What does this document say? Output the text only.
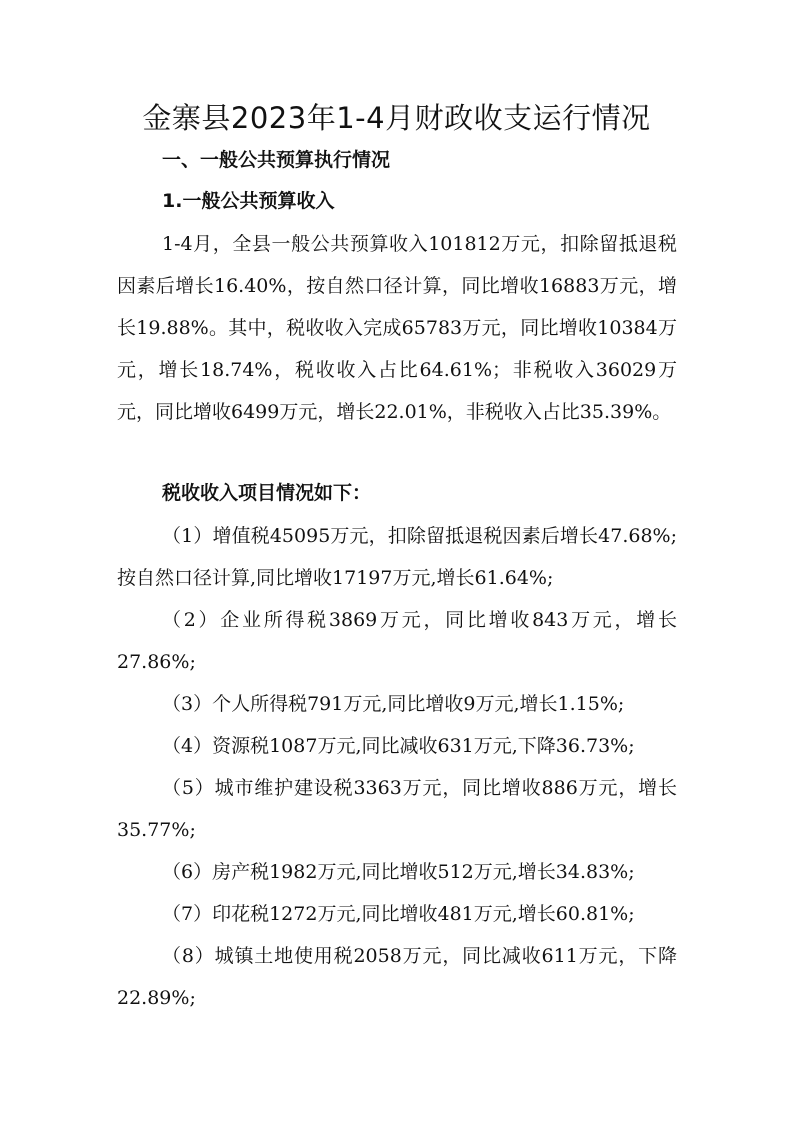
金寨县2023年1-4月财政收支运行情况
一、一般公共预算执行情况
1.一般公共预算收入
1-4月，全县一般公共预算收入101812万元，扣除留抵退税因素后增长16.40%，按自然口径计算，同比增收16883万元，增长19.88%。其中，税收收入完成65783万元，同比增收10384万元，增长18.74%，税收收入占比64.61%；非税收入36029万元，同比增收6499万元，增长22.01%，非税收入占比35.39%。
税收收入项目情况如下：
（1）增值税45095万元，扣除留抵退税因素后增长47.68%;按自然口径计算,同比增收17197万元,增长61.64%;
（2）企业所得税3869万元，同比增收843万元，增长27.86%;
（3）个人所得税791万元,同比增收9万元,增长1.15%;
（4）资源税1087万元,同比减收631万元,下降36.73%;
（5）城市维护建设税3363万元，同比增收886万元，增长35.77%;
（6）房产税1982万元,同比增收512万元,增长34.83%;
（7）印花税1272万元,同比增收481万元,增长60.81%;
（8）城镇土地使用税2058万元，同比减收611万元，下降22.89%;
